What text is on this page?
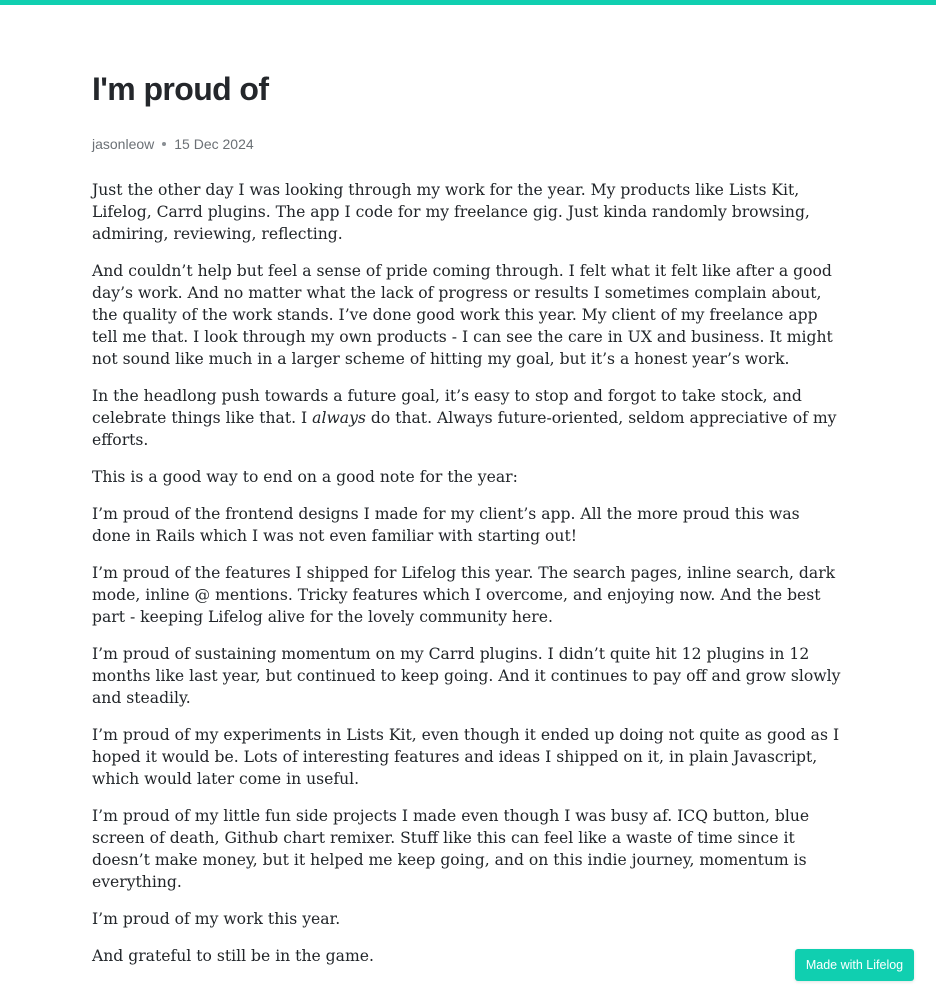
I'm proud of
jasonleow 15 Dec 2024

Just the other day I was looking through my work for the year. My products like Lists Kit, Lifelog, Carrd plugins. The app I code for my freelance gig. Just kinda randomly browsing, admiring, reviewing, reflecting.

And couldn’t help but feel a sense of pride coming through. I felt what it felt like after a good day’s work. And no matter what the lack of progress or results I sometimes complain about, the quality of the work stands. I’ve done good work this year. My client of my freelance app tell me that. I look through my own products - I can see the care in UX and business. It might not sound like much in a larger scheme of hitting my goal, but it’s a honest year’s work.

In the headlong push towards a future goal, it’s easy to stop and forgot to take stock, and celebrate things like that. I always do that. Always future-oriented, seldom appreciative of my efforts.

This is a good way to end on a good note for the year:

I’m proud of the frontend designs I made for my client’s app. All the more proud this was done in Rails which I was not even familiar with starting out!

I’m proud of the features I shipped for Lifelog this year. The search pages, inline search, dark mode, inline @ mentions. Tricky features which I overcome, and enjoying now. And the best part - keeping Lifelog alive for the lovely community here.

I’m proud of sustaining momentum on my Carrd plugins. I didn’t quite hit 12 plugins in 12 months like last year, but continued to keep going. And it continues to pay off and grow slowly and steadily.

I’m proud of my experiments in Lists Kit, even though it ended up doing not quite as good as I hoped it would be. Lots of interesting features and ideas I shipped on it, in plain Javascript, which would later come in useful.

I’m proud of my little fun side projects I made even though I was busy af. ICQ button, blue screen of death, Github chart remixer. Stuff like this can feel like a waste of time since it doesn’t make money, but it helped me keep going, and on this indie journey, momentum is everything.

I’m proud of my work this year.

And grateful to still be in the game.	Made with Lifelog
